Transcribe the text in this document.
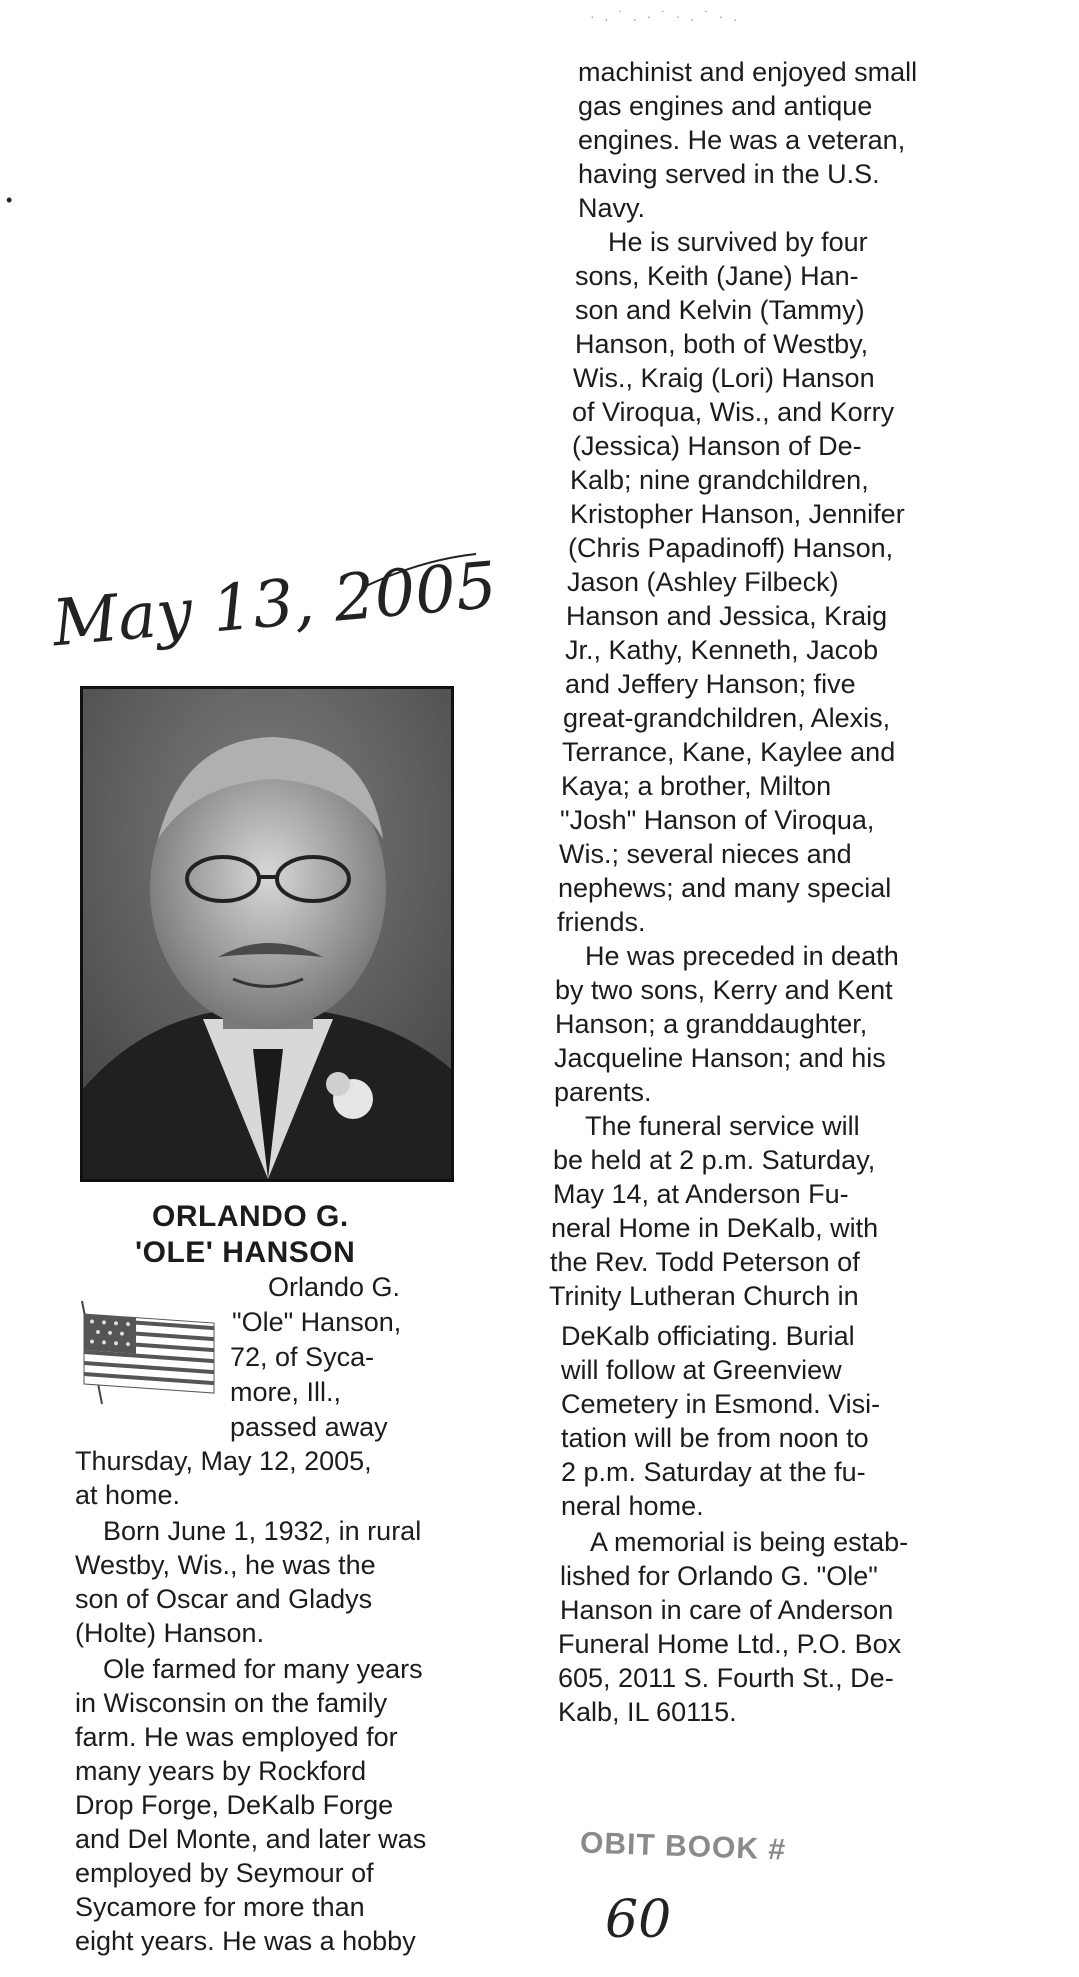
May 13, 2005
ORLANDO G.
'OLE' HANSON
Orlando G.
"Ole" Hanson,
72, of Syca-
more, Ill.,
passed away
Thursday, May 12, 2005,
at home.
Born June 1, 1932, in rural
Westby, Wis., he was the
son of Oscar and Gladys
(Holte) Hanson.
Ole farmed for many years
in Wisconsin on the family
farm. He was employed for
many years by Rockford
Drop Forge, DeKalb Forge
and Del Monte, and later was
employed by Seymour of
Sycamore for more than
eight years. He was a hobby
machinist and enjoyed small
gas engines and antique
engines. He was a veteran,
having served in the U.S.
Navy.
He is survived by four
sons, Keith (Jane) Han-
son and Kelvin (Tammy)
Hanson, both of Westby,
Wis., Kraig (Lori) Hanson
of Viroqua, Wis., and Korry
(Jessica) Hanson of De-
Kalb; nine grandchildren,
Kristopher Hanson, Jennifer
(Chris Papadinoff) Hanson,
Jason (Ashley Filbeck)
Hanson and Jessica, Kraig
Jr., Kathy, Kenneth, Jacob
and Jeffery Hanson; five
great-grandchildren, Alexis,
Terrance, Kane, Kaylee and
Kaya; a brother, Milton
"Josh" Hanson of Viroqua,
Wis.; several nieces and
nephews; and many special
friends.
He was preceded in death
by two sons, Kerry and Kent
Hanson; a granddaughter,
Jacqueline Hanson; and his
parents.
The funeral service will
be held at 2 p.m. Saturday,
May 14, at Anderson Fu-
neral Home in DeKalb, with
the Rev. Todd Peterson of
Trinity Lutheran Church in
DeKalb officiating. Burial
will follow at Greenview
Cemetery in Esmond. Visi-
tation will be from noon to
2 p.m. Saturday at the fu-
neral home.
A memorial is being estab-
lished for Orlando G. "Ole"
Hanson in care of Anderson
Funeral Home Ltd., P.O. Box
605, 2011 S. Fourth St., De-
Kalb, IL 60115.
· . ˙ . · ˙ · . ˙ · .
•
OBIT BOOK #
60
